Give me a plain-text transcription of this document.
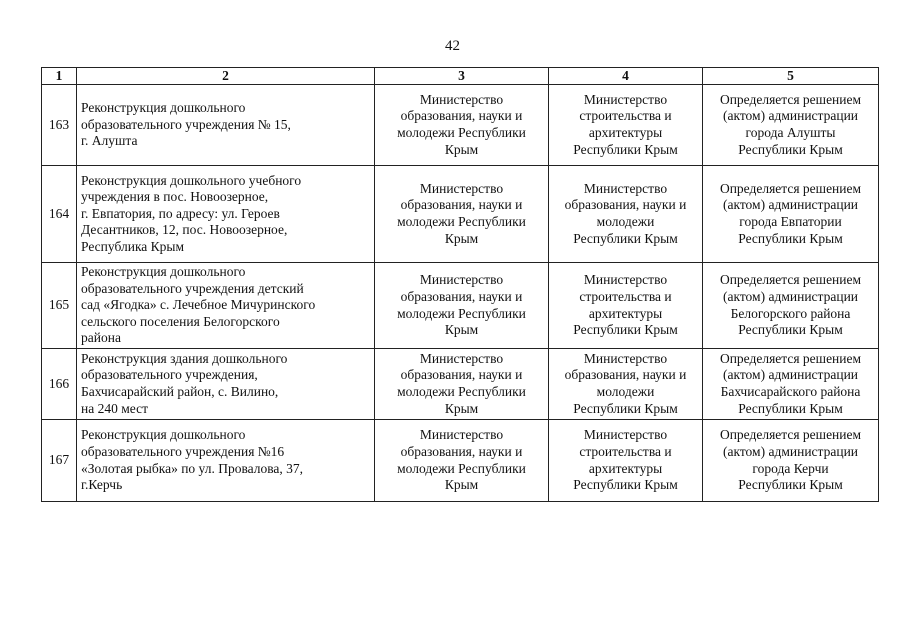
42
1	2	3	4	5
163	Реконструкция дошкольного
образовательного учреждения № 15,
г. Алушта	Министерство
образования, науки и
молодежи Республики
Крым	Министерство
строительства и
архитектуры
Республики Крым	Определяется решением
(актом) администрации
города Алушты
Республики Крым

164	Реконструкция дошкольного учебного
учреждения в пос. Новоозерное,
г. Евпатория, по адресу: ул. Героев
Десантников, 12, пос. Новоозерное,
Республика Крым	Министерство
образования, науки и
молодежи Республики
Крым	Министерство
образования, науки и
молодежи
Республики Крым	Определяется решением
(актом) администрации
города Евпатории
Республики Крым

165	Реконструкция дошкольного
образовательного учреждения детский
сад «Ягодка» с. Лечебное Мичуринского
сельского поселения Белогорского
района	Министерство
образования, науки и
молодежи Республики
Крым	Министерство
строительства и
архитектуры
Республики Крым	Определяется решением
(актом) администрации
Белогорского района
Республики Крым

166	Реконструкция здания дошкольного
образовательного учреждения,
Бахчисарайский район, с. Вилино,
на 240 мест	Министерство
образования, науки и
молодежи Республики
Крым	Министерство
образования, науки и
молодежи
Республики Крым	Определяется решением
(актом) администрации
Бахчисарайского района
Республики Крым

167	Реконструкция дошкольного
образовательного учреждения №16
«Золотая рыбка» по ул. Провалова, 37,
г.Керчь	Министерство
образования, науки и
молодежи Республики
Крым	Министерство
строительства и
архитектуры
Республики Крым	Определяется решением
(актом) администрации
города Керчи
Республики Крым
